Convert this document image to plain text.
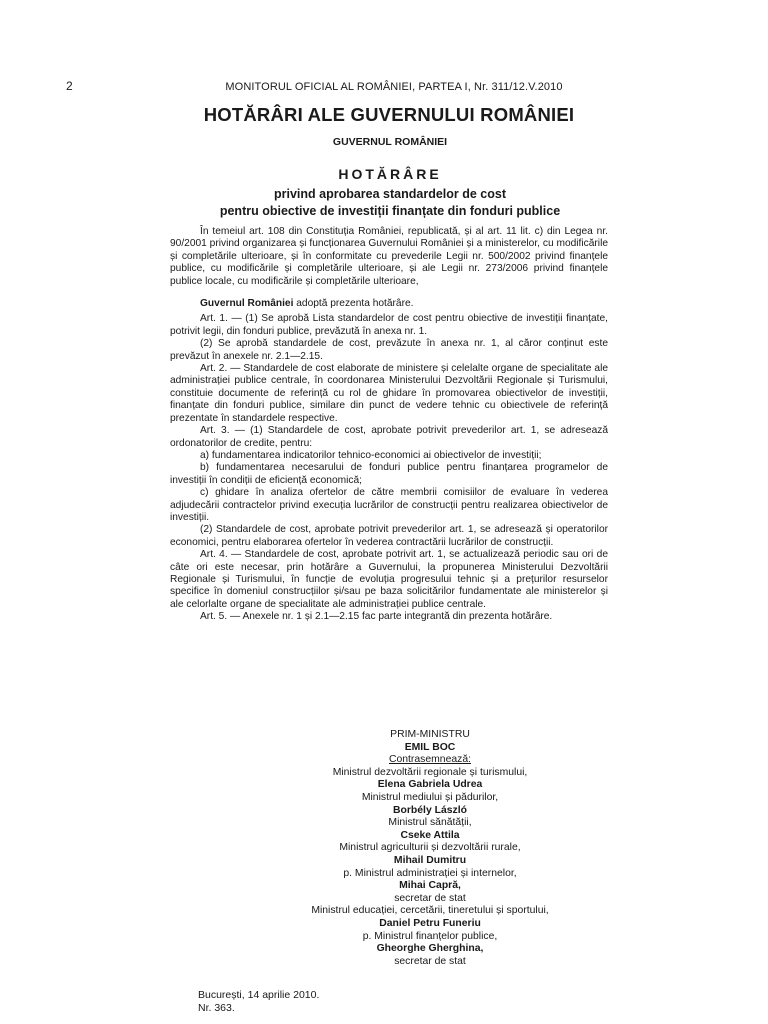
2	MONITORUL OFICIAL AL ROMÂNIEI, PARTEA I, Nr. 311/12.V.2010
HOTĂRÂRI ALE GUVERNULUI ROMÂNIEI
GUVERNUL ROMÂNIEI
HOTĂRÂRE
privind aprobarea standardelor de cost
pentru obiective de investiții finanțate din fonduri publice

În temeiul art. 108 din Constituția României, republicată, și al art. 11 lit. c) din Legea nr. 90/2001 privind organizarea și funcționarea Guvernului României și a ministerelor, cu modificările și completările ulterioare, și în conformitate cu prevederile Legii nr. 500/2002 privind finanțele publice, cu modificările și completările ulterioare, și ale Legii nr. 273/2006 privind finanțele publice locale, cu modificările și completările ulterioare,

Guvernul României adoptă prezenta hotărâre.

Art. 1. — (1) Se aprobă Lista standardelor de cost pentru obiective de investiții finanțate, potrivit legii, din fonduri publice, prevăzută în anexa nr. 1.

(2) Se aprobă standardele de cost, prevăzute în anexa nr. 1, al căror conținut este prevăzut în anexele nr. 2.1—2.15.

Art. 2. — Standardele de cost elaborate de ministere și celelalte organe de specialitate ale administrației publice centrale, în coordonarea Ministerului Dezvoltării Regionale și Turismului, constituie documente de referință cu rol de ghidare în promovarea obiectivelor de investiții, finanțate din fonduri publice, similare din punct de vedere tehnic cu obiectivele de referință prezentate în standardele respective.

Art. 3. — (1) Standardele de cost, aprobate potrivit prevederilor art. 1, se adresează ordonatorilor de credite, pentru:

a) fundamentarea indicatorilor tehnico-economici ai obiectivelor de investiții;

b) fundamentarea necesarului de fonduri publice pentru finanțarea programelor de investiții în condiții de eficiență economică;

c) ghidare în analiza ofertelor de către membrii comisiilor de evaluare în vederea adjudecării contractelor privind execuția lucrărilor de construcții pentru realizarea obiectivelor de investiții.

(2) Standardele de cost, aprobate potrivit prevederilor art. 1, se adresează și operatorilor economici, pentru elaborarea ofertelor în vederea contractării lucrărilor de construcții.

Art. 4. — Standardele de cost, aprobate potrivit art. 1, se actualizează periodic sau ori de câte ori este necesar, prin hotărâre a Guvernului, la propunerea Ministerului Dezvoltării Regionale și Turismului, în funcție de evoluția progresului tehnic și a prețurilor resurselor specifice în domeniul construcțiilor și/sau pe baza solicitărilor fundamentate ale ministerelor și ale celorlalte organe de specialitate ale administrației publice centrale.

Art. 5. — Anexele nr. 1 și 2.1—2.15 fac parte integrantă din prezenta hotărâre.

PRIM-MINISTRU
EMIL BOC
Contrasemnează:
Ministrul dezvoltării regionale și turismului,
Elena Gabriela Udrea
Ministrul mediului și pădurilor,
Borbély László
Ministrul sănătății,
Cseke Attila
Ministrul agriculturii și dezvoltării rurale,
Mihail Dumitru
p. Ministrul administrației și internelor,
Mihai Capră,
secretar de stat
Ministrul educației, cercetării, tineretului și sportului,
Daniel Petru Funeriu
p. Ministrul finanțelor publice,
Gheorghe Gherghina,
secretar de stat
București, 14 aprilie 2010.
Nr. 363.
